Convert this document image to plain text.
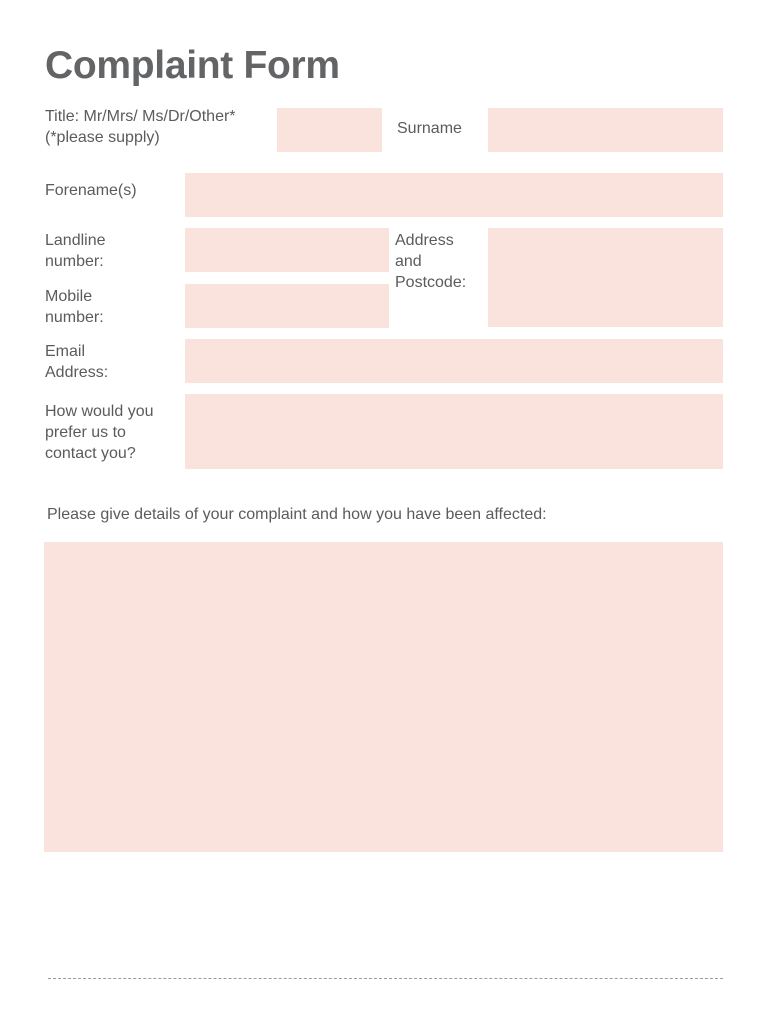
Complaint Form
Title: Mr/Mrs/ Ms/Dr/Other*
(*please supply)
Surname
Forename(s)
Landline
number:
Address
and
Postcode:
Mobile
number:
Email
Address:
How would you
prefer us to
contact you?
Please give details of your complaint and how you have been affected:
